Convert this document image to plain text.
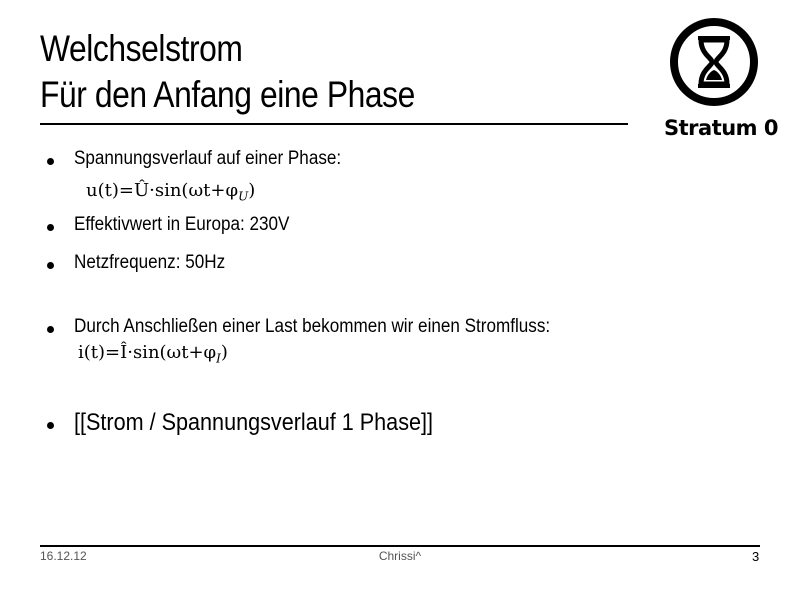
Welchselstrom
Für den Anfang eine Phase
Stratum 0
Spannungsverlauf auf einer Phase:
$u(t)=Û\cdot\sin(\omega t+\varphi_U)$
Effektivwert in Europa: 230V
Netzfrequenz: 50Hz
Durch Anschließen einer Last bekommen wir einen Stromfluss:
$i(t)=Î\cdot\sin(\omega t+\varphi_I)$
[[Strom / Spannungsverlauf 1 Phase]]
16.12.12	Chrissi^	3
